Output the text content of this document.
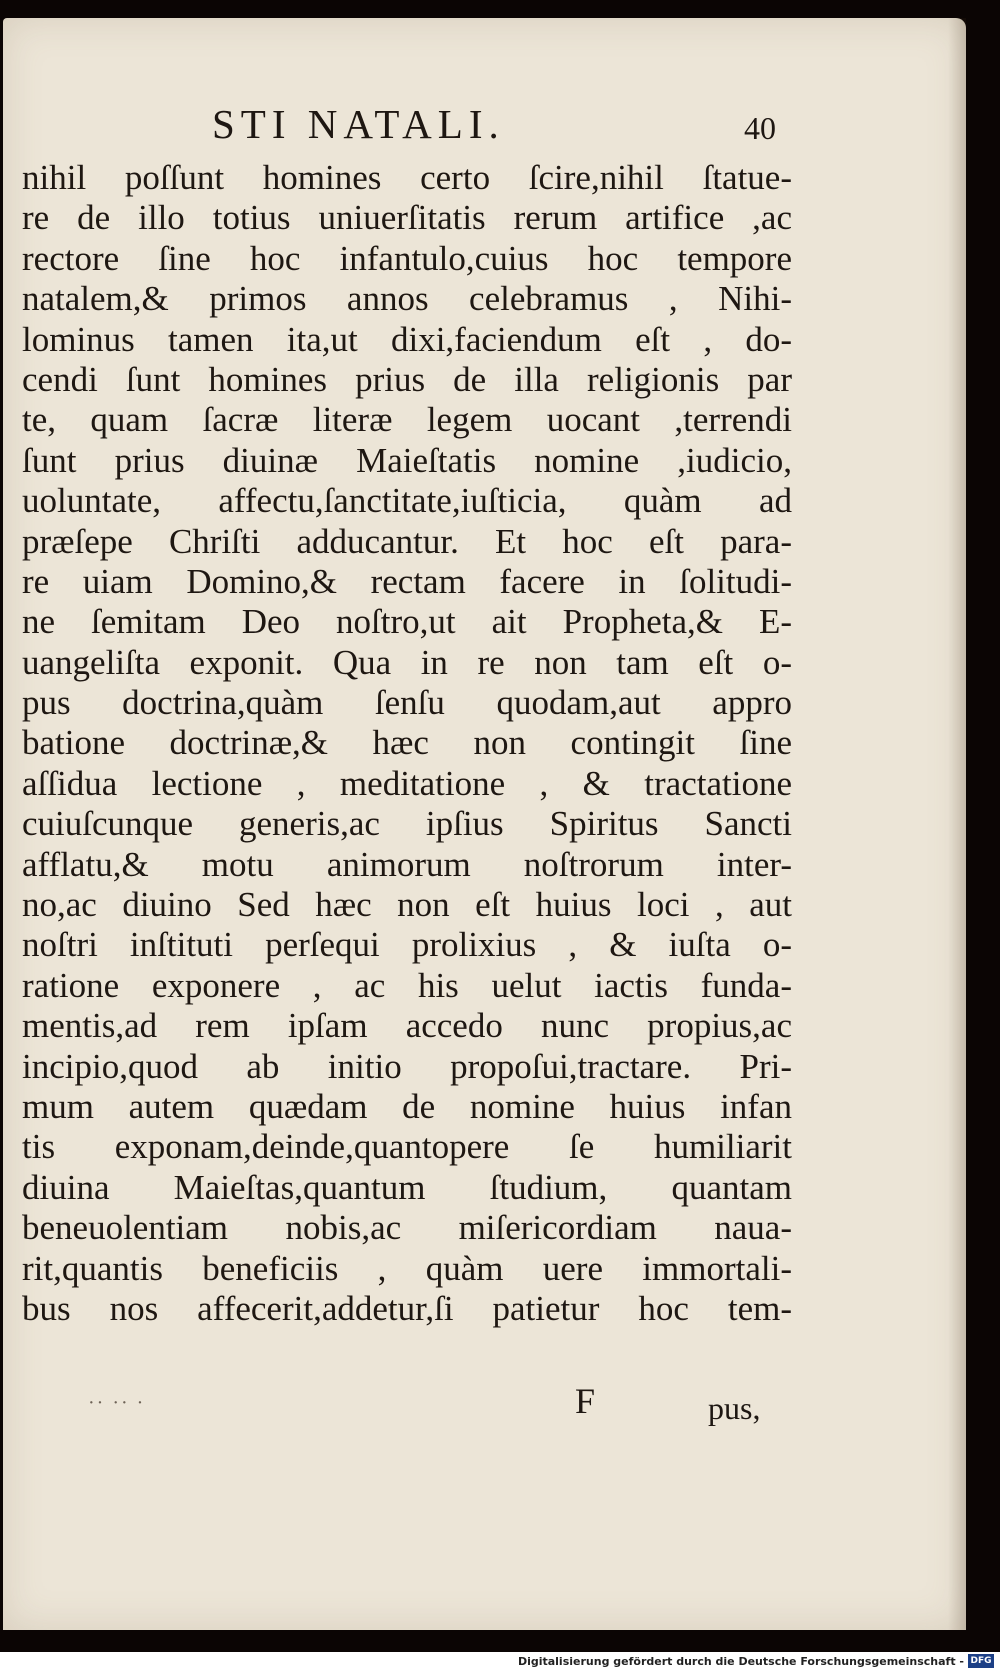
STI NATALI.	40
nihil poſſunt homines certo ſcire,nihil ſtatue-
re de illo totius uniuerſitatis rerum artifice ,ac
rectore ſine hoc infantulo,cuius hoc tempore
natalem,& primos annos celebramus , Nihi-
lominus tamen ita,ut dixi,faciendum eſt , do-
cendi ſunt homines prius de illa religionis par
te, quam ſacræ literæ legem uocant ,terrendi
ſunt prius diuinæ Maieſtatis nomine ,iudicio,
uoluntate, affectu,ſanctitate,iuſticia, quàm ad
præſepe Chriſti adducantur. Et hoc eſt para-
re uiam Domino,& rectam facere in ſolitudi-
ne ſemitam Deo noſtro,ut ait Propheta,& E-
uangeliſta exponit. Qua in re non tam eſt o-
pus doctrina,quàm ſenſu quodam,aut appro
batione doctrinæ,& hæc non contingit ſine
aſſidua lectione , meditatione , & tractatione
cuiuſcunque generis,ac ipſius Spiritus Sancti
afflatu,& motu animorum noſtrorum inter-
no,ac diuino Sed hæc non eſt huius loci , aut
noſtri inſtituti perſequi prolixius , & iuſta o-
ratione exponere , ac his uelut iactis funda-
mentis,ad rem ipſam accedo nunc propius,ac
incipio,quod ab initio propoſui,tractare. Pri-
mum autem quædam de nomine huius infan
tis exponam,deinde,quantopere ſe humiliarit
diuina Maieſtas,quantum ſtudium, quantam
beneuolentiam nobis,ac miſericordiam naua-
rit,quantis beneficiis , quàm uere immortali-
bus nos affecerit,addetur,ſi patietur hoc tem-
·· ·· ·	F	pus,
Digitalisierung gefördert durch die Deutsche Forschungsgemeinschaft - DFG
